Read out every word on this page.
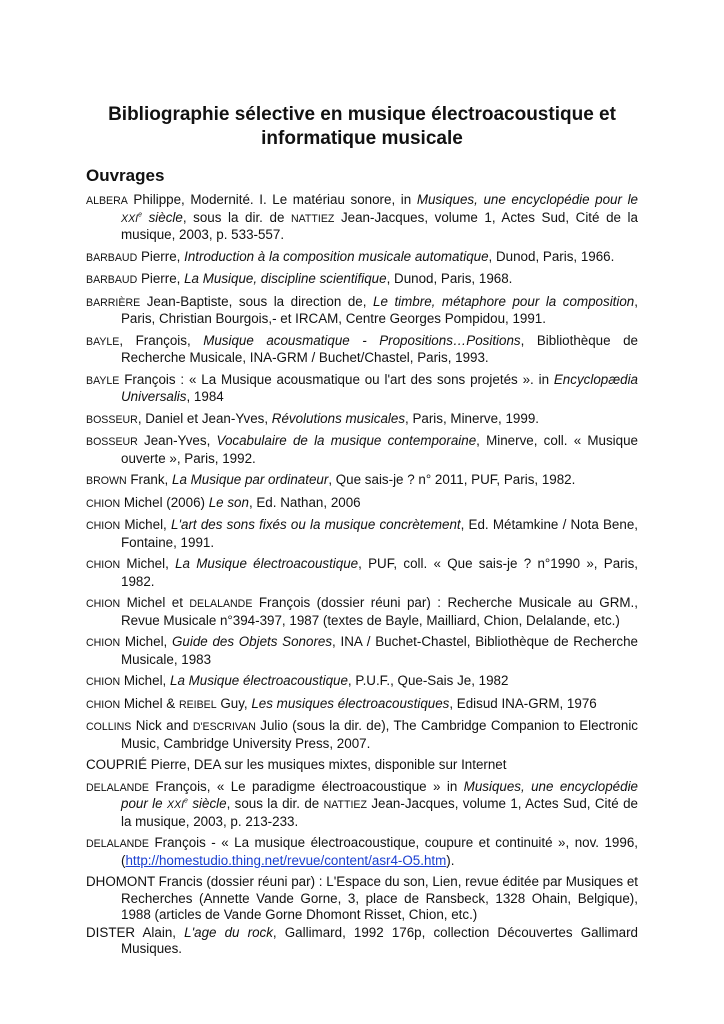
Bibliographie sélective en musique électroacoustique et
informatique musicale
Ouvrages

ALBERA Philippe, Modernité. I. Le matériau sonore, in Musiques, une encyclopédie pour le XXIe siècle, sous la dir. de NATTIEZ Jean-Jacques, volume 1, Actes Sud, Cité de la musique, 2003, p. 533-557.

BARBAUD Pierre, Introduction à la composition musicale automatique, Dunod, Paris, 1966.

BARBAUD Pierre, La Musique, discipline scientifique, Dunod, Paris, 1968.

BARRIÈRE Jean-Baptiste, sous la direction de, Le timbre, métaphore pour la composition, Paris, Christian Bourgois,- et IRCAM, Centre Georges Pompidou, 1991.

BAYLE, François, Musique acousmatique - Propositions…Positions, Bibliothèque de Recherche Musicale, INA-GRM / Buchet/Chastel, Paris, 1993.

BAYLE François : « La Musique acousmatique ou l'art des sons projetés ». in Encyclopædia Universalis, 1984

BOSSEUR, Daniel et Jean-Yves, Révolutions musicales, Paris, Minerve, 1999.

BOSSEUR Jean-Yves, Vocabulaire de la musique contemporaine, Minerve, coll. « Musique ouverte », Paris, 1992.

BROWN Frank, La Musique par ordinateur, Que sais-je ? n° 2011, PUF, Paris, 1982.

CHION Michel (2006) Le son, Ed. Nathan, 2006

CHION Michel, L'art des sons fixés ou la musique concrètement, Ed. Métamkine / Nota Bene, Fontaine, 1991.

CHION Michel, La Musique électroacoustique, PUF, coll. « Que sais-je ? n°1990 », Paris, 1982.

CHION Michel et DELALANDE François (dossier réuni par) : Recherche Musicale au GRM., Revue Musicale n°394-397, 1987 (textes de Bayle, Mailliard, Chion, Delalande, etc.)

CHION Michel, Guide des Objets Sonores, INA / Buchet-Chastel, Bibliothèque de Recherche Musicale, 1983

CHION Michel, La Musique électroacoustique, P.U.F., Que-Sais Je, 1982

CHION Michel & REIBEL Guy, Les musiques électroacoustiques, Edisud INA-GRM, 1976

COLLINS Nick and D'ESCRIVAN Julio (sous la dir. de), The Cambridge Companion to Electronic Music, Cambridge University Press, 2007.

COUPRIÉ Pierre, DEA sur les musiques mixtes, disponible sur Internet

DELALANDE François, « Le paradigme électroacoustique » in Musiques, une encyclopédie pour le XXIe siècle, sous la dir. de NATTIEZ Jean-Jacques, volume 1, Actes Sud, Cité de la musique, 2003, p. 213-233.

DELALANDE François - « La musique électroacoustique, coupure et continuité », nov. 1996, (http://homestudio.thing.net/revue/content/asr4-O5.htm).

DHOMONT Francis (dossier réuni par) : L'Espace du son, Lien, revue éditée par Musiques et Recherches (Annette Vande Gorne, 3, place de Ransbeck, 1328 Ohain, Belgique), 1988 (articles de Vande Gorne Dhomont Risset, Chion, etc.)

DISTER Alain, L'age du rock, Gallimard, 1992 176p, collection Découvertes Gallimard Musiques.
